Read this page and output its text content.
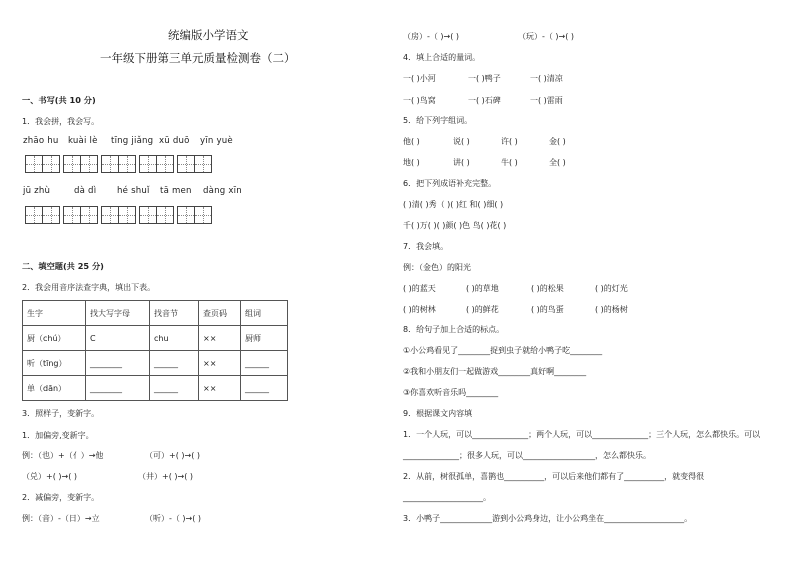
统编版小学语文
一年级下册第三单元质量检测卷（二）
一、书写(共 10 分)
1．我会拼，我会写。
zhāo hu kuài lè tīng jiǎng xū duō yīn yuè
jū zhù	dà dì hé shuǐ tā men dàng xīn
二、填空题(共 25 分)
2．我会用音序法查字典，填出下表。
生字	找大写字母	找音节	查页码	组词
厨（chú）	C	chu	××	厨师
听（tīng）	________	______	××	______
单（dān）	________	______	××	______
3．照样子，变新字。
1．加偏旁,变新字。
例：（也）+（亻）→他	（可）+( )→( )
（兑）+( )→( )	（井）+( )→( )
2．减偏旁，变新字。
例：（音）-（日）→立	（听）-（ )→( )
（房）-（ )→( )	（玩）-（ )→( )
4．填上合适的量词。
一( )小河	一( )鸭子	一( )清凉
一( )鸟窝	一( )石碑	一( )雷雨
5．给下列字组词。
他( )	说( )	许( )	金( )
地( )	讲( )	牛( )	全( )
6．把下列成语补充完整。
( )清( )秀（ )( )红 和( )细( )
千( )万( )( )颜( )色 鸟( )花( )
7．我会填。
例：（金色）的阳光
( )的蓝天	( )的草地	( )的松果	( )的灯光
( )的树林	( )的鲜花	( )的鸟蛋	( )的杨树
8．给句子加上合适的标点。
①小公鸡看见了________捉到虫子就给小鸭子吃________
②我和小朋友们一起做游戏________真好啊________
③你喜欢听音乐吗________
9．根据课文内容填
1．一个人玩，可以______________；两个人玩，可以______________；三个人玩，怎么都快乐。可以
______________；很多人玩，可以__________________，怎么都快乐。
2．从前，树很孤单，喜鹊也__________，可以后来他们都有了__________，就变得很
____________________。
3．小鸭子_____________游到小公鸡身边，让小公鸡坐在____________________。
